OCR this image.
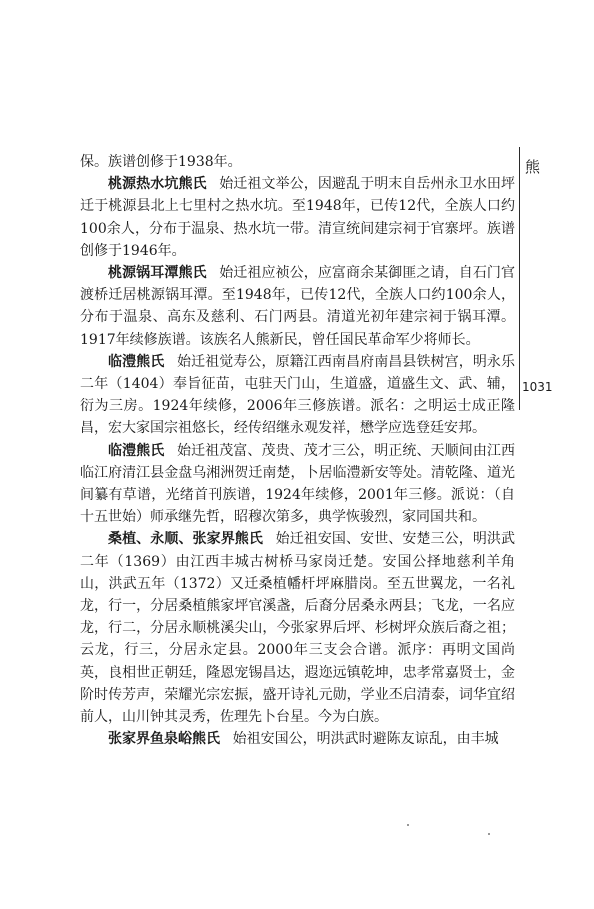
保。族谱创修于1938年。

桃源热水坑熊氏 始迁祖文举公，因避乱于明末自岳州永卫水田坪迁于桃源县北上七里村之热水坑。至1948年，已传12代，全族人口约100余人，分布于温泉、热水坑一带。清宣统间建宗祠于官寨坪。族谱创修于1946年。

桃源锅耳潭熊氏 始迁祖应祯公，应富商余某御匪之请，自石门官渡桥迁居桃源锅耳潭。至1948年，已传12代，全族人口约100余人，分布于温泉、高东及慈利、石门两县。清道光初年建宗祠于锅耳潭。1917年续修族谱。该族名人熊新民，曾任国民革命军少将师长。

临澧熊氏 始迁祖觉寿公，原籍江西南昌府南昌县铁树宫，明永乐二年（1404）奉旨征苗，屯驻天门山，生道盛，道盛生文、武、辅，衍为三房。1924年续修，2006年三修族谱。派名：之明运士成正隆昌，宏大家国宗祖悠长，经传绍继永观发祥，懋学应选登廷安邦。

临澧熊氏 始迁祖茂富、茂贵、茂才三公，明正统、天顺间由江西临江府清江县金盘乌湘洲贺迁南楚，卜居临澧新安等处。清乾隆、道光间纂有草谱，光绪首刊族谱，1924年续修，2001年三修。派说：（自十五世始）师承继先哲，昭穆次第多，典学恢骏烈，家同国共和。

桑植、永顺、张家界熊氏 始迁祖安国、安世、安楚三公，明洪武二年（1369）由江西丰城古树桥马家岗迁楚。安国公择地慈利羊角山，洪武五年（1372）又迁桑植幡杆坪麻腊岗。至五世翼龙，一名礼龙，行一，分居桑植熊家坪官溪盏，后裔分居桑永两县；飞龙，一名应龙，行二，分居永顺桃溪尖山，今张家界后坪、杉树坪众族后裔之祖；云龙，行三，分居永定县。2000年三支会合谱。派序：再明文国尚英，良相世正朝廷，隆恩宠锡昌达，遐迩远镇乾坤，忠孝常嘉贤士，金阶时传芳声，荣耀光宗宏振，盛开诗礼元勋，学业丕启清泰，词华宜绍前人，山川钟其灵秀，佐理先卜台星。今为白族。

张家界鱼泉峪熊氏 始祖安国公，明洪武时避陈友谅乱，由丰城

熊
1031
